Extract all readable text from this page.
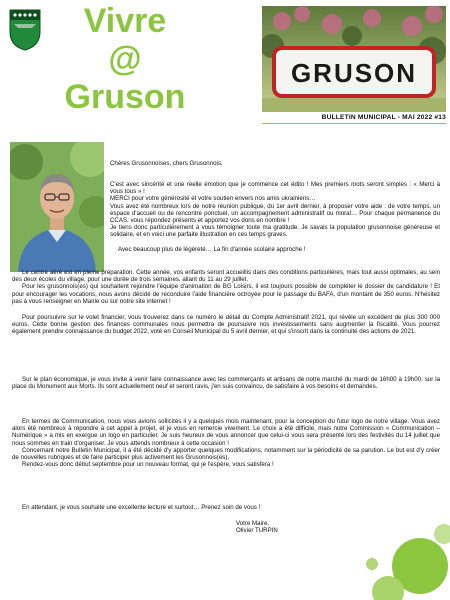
Vivre
@
Gruson
GRUSON
BULLETIN MUNICIPAL - MAI 2022 #13
Chères Grusonnoises, chers Grusonnois,

C'est avec sincérité et une réelle émotion que je commence cet édito ! Mes premiers mots seront simples : « Merci à vous tous » !

MERCI pour votre générosité et votre soutien envers nos amis ukrainiens…

Vous avez été nombreux lors de notre réunion publique, du 1er avril dernier, à proposer votre aide : de votre temps, un espace d'accueil ou de rencontre ponctuel, un accompagnement administratif ou moral… Pour chaque permanence du CCAS, vous répondez présents et apportez vos dons en nombre !

Je tiens donc particulièrement à vous témoigner toute ma gratitude. Je savais la population grusonnoise généreuse et solidaire, et en voici une parfaite illustration en ces temps graves.

Avec beaucoup plus de légèreté… La fin d'année scolaire approche !

Le centre aéré est en pleine préparation. Cette année, vos enfants seront accueillis dans des conditions particulières, mais tout aussi optimales, au sein des deux écoles du village, pour une durée de trois semaines, allant du 11 au 29 juillet.

Pour les grusonnois(es) qui souhaitent rejoindre l'équipe d'animation de BG Loisirs, il est toujours possible de compléter le dossier de candidature ! Et pour encourager les vocations, nous avons décidé de reconduire l'aide financière octroyée pour le passage du BAFA, d'un montant de 350 euros. N'hésitez pas à vous renseigner en Mairie ou sur notre site internet !

Pour poursuivre sur le volet financier, vous trouverez dans ce numéro le détail du Compte Administratif 2021, qui révèle un excédent de plus 300 000 euros. Cette bonne gestion des finances communales nous permettra de poursuivre nos investissements sans augmenter la fiscalité. Vous pourrez également prendre connaissance du budget 2022, voté en Conseil Municipal du 5 avril dernier, et qui s'inscrit dans la continuité des actions de 2021.

Sur le plan économique, je vous invite à venir faire connaissance avec les commerçants et artisans de notre marché du mardi de 16h00 à 19h00, sur la place du Monument aux Morts. Ils sont actuellement neuf et seront ravis, j'en suis convaincu, de satisfaire à vos besoins et demandes.

En termes de Communication, nous vous avions sollicités il y a quelques mois maintenant, pour la conception du futur logo de notre village. Vous avez alors été nombreux à répondre à cet appel à projet, et je vous en remercie vivement. Le choix a été difficile, mais notre Commission « Communication – Numérique » a mis en exergue un logo en particulier. Je suis heureux de vous annoncer que celui-ci vous sera présenté lors des festivités du 14 juillet que nous sommes en train d'organiser. Je vous attends nombreux à cette occasion !

Concernant notre Bulletin Municipal, il a été décidé d'y apporter quelques modifications, notamment sur la périodicité de sa parution. Le but est d'y créer de nouvelles rubriques et de faire participer plus activement les Grusonnois(es).

Rendez-vous donc début septembre pour un nouveau format, qui je l'espère, vous satisfera !

En attendant, je vous souhaite une excellente lecture et surtout… Prenez soin de vous !

Votre Maire,
Olivier TURPIN
